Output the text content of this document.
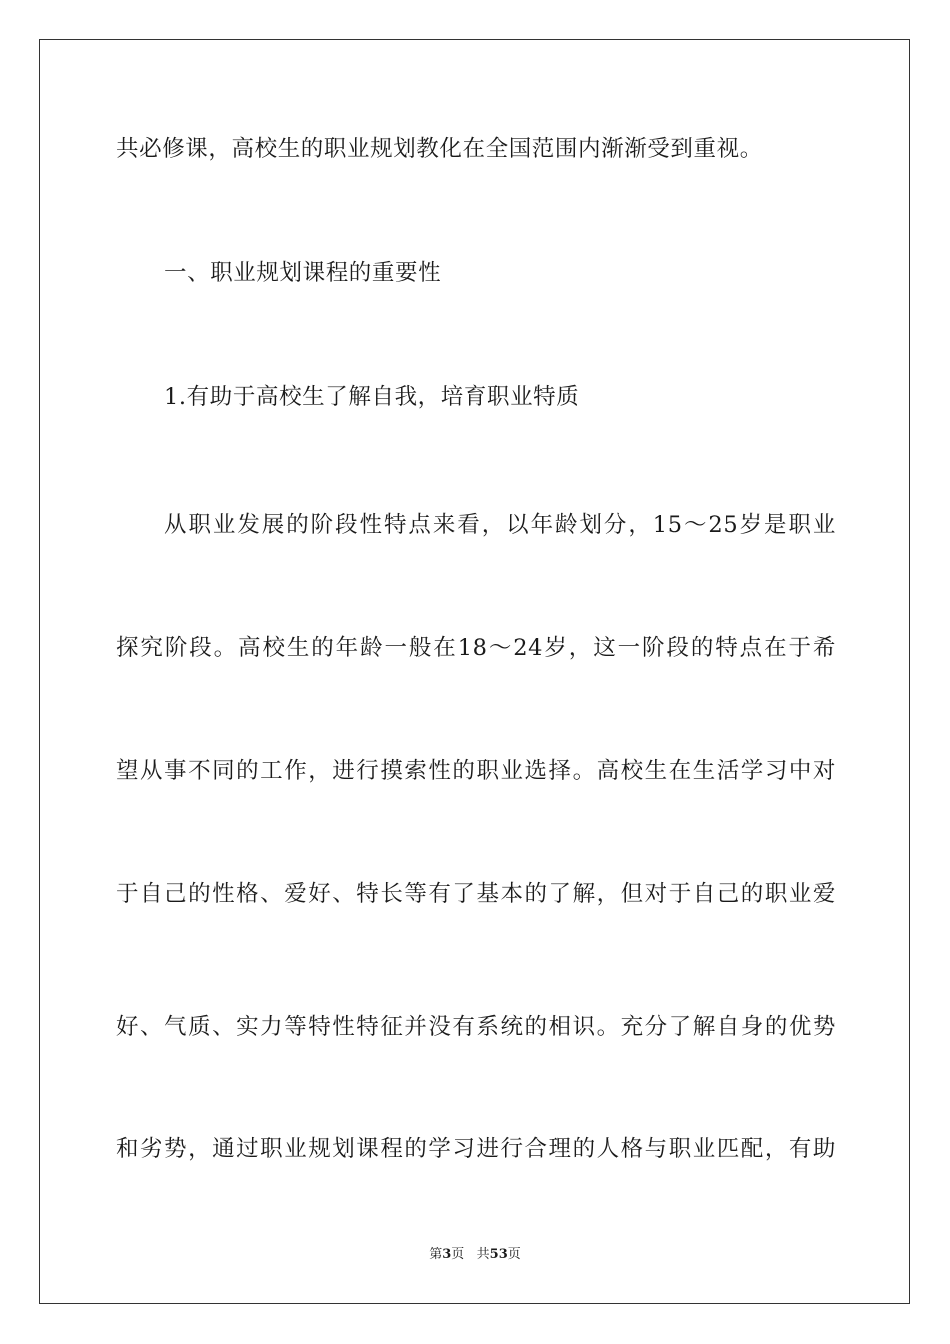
共必修课，高校生的职业规划教化在全国范围内渐渐受到重视。
一、职业规划课程的重要性
1.有助于高校生了解自我，培育职业特质
从职业发展的阶段性特点来看，以年龄划分，15～25岁是职业
探究阶段。高校生的年龄一般在18～24岁，这一阶段的特点在于希
望从事不同的工作，进行摸索性的职业选择。高校生在生活学习中对
于自己的性格、爱好、特长等有了基本的了解，但对于自己的职业爱
好、气质、实力等特性特征并没有系统的相识。充分了解自身的优势
和劣势，通过职业规划课程的学习进行合理的人格与职业匹配，有助
第3页   共53页
